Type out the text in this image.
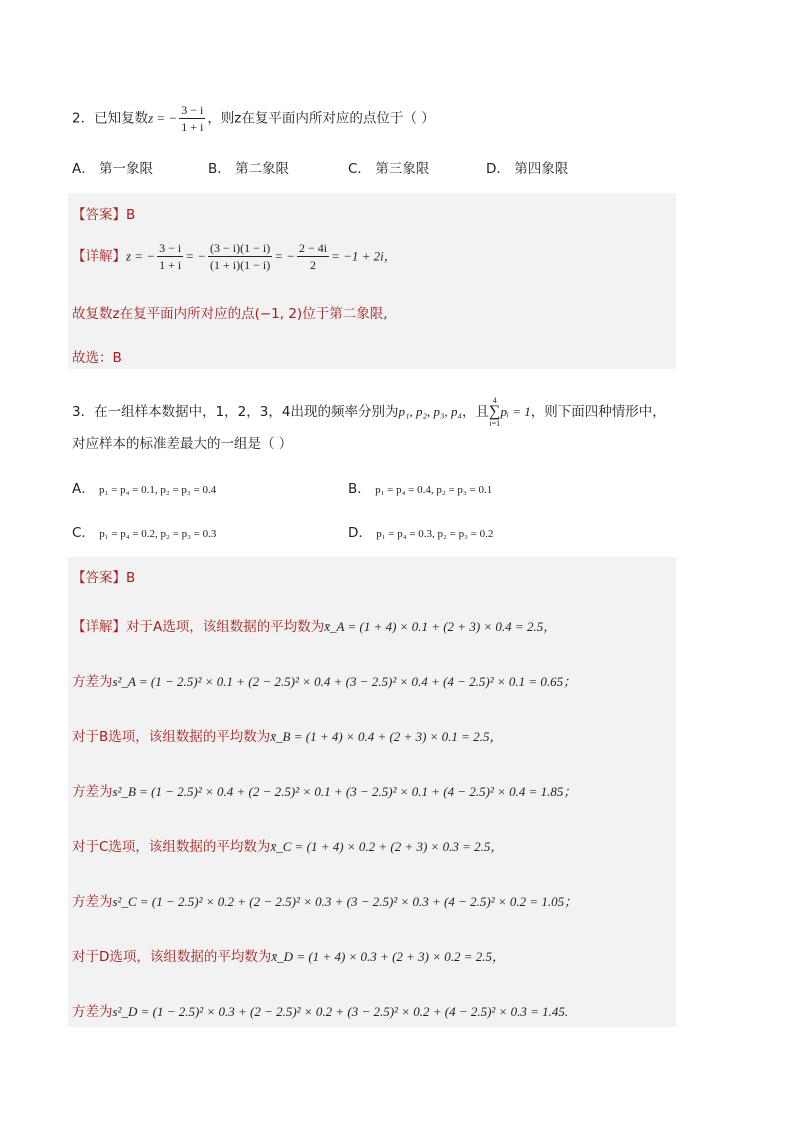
2．已知复数z = − $\frac{3 - i}{1 + i}$ ，则z在复平面内所对应的点位于（ ）
A． 第一象限	B． 第二象限	C． 第三象限	D． 第四象限
【答案】B
【详解】z = − $\frac{3 - i}{1 + i}$ = − $\frac{(3 - i)(1 - i)}{(1 + i)(1 - i)}$ = − $\frac{2 - 4i}{2} = -1 + 2i$，
故复数z在复平面内所对应的点(−1, 2)位于第二象限,
故选：B
3．在一组样本数据中，1，2，3，4出现的频率分别为p₁, p₂, p₃, p₄，且
4
∑
i=1
pᵢ = 1，则下面四种情形中，
对应样本的标准差最大的一组是（ ）
A． p₁ = p₄ = 0.1, p₂ = p₃ = 0.4	B． p₁ = p₄ = 0.4, p₂ = p₃ = 0.1
C． p₁ = p₄ = 0.2, p₂ = p₃ = 0.3	D． p₁ = p₄ = 0.3, p₂ = p₃ = 0.2
【答案】B
【详解】对于A选项，该组数据的平均数为x̄_A = (1 + 4) × 0.1 + (2 + 3) × 0.4 = 2.5，
方差为s²_A = (1 − 2.5)² × 0.1 + (2 − 2.5)² × 0.4 + (3 − 2.5)² × 0.4 + (4 − 2.5)² × 0.1 = 0.65；
对于B选项，该组数据的平均数为x̄_B = (1 + 4) × 0.4 + (2 + 3) × 0.1 = 2.5，
方差为s²_B = (1 − 2.5)² × 0.4 + (2 − 2.5)² × 0.1 + (3 − 2.5)² × 0.1 + (4 − 2.5)² × 0.4 = 1.85；
对于C选项，该组数据的平均数为x̄_C = (1 + 4) × 0.2 + (2 + 3) × 0.3 = 2.5，
方差为s²_C = (1 − 2.5)² × 0.2 + (2 − 2.5)² × 0.3 + (3 − 2.5)² × 0.3 + (4 − 2.5)² × 0.2 = 1.05；
对于D选项，该组数据的平均数为x̄_D = (1 + 4) × 0.3 + (2 + 3) × 0.2 = 2.5，
方差为s²_D = (1 − 2.5)² × 0.3 + (2 − 2.5)² × 0.2 + (3 − 2.5)² × 0.2 + (4 − 2.5)² × 0.3 = 1.45.
